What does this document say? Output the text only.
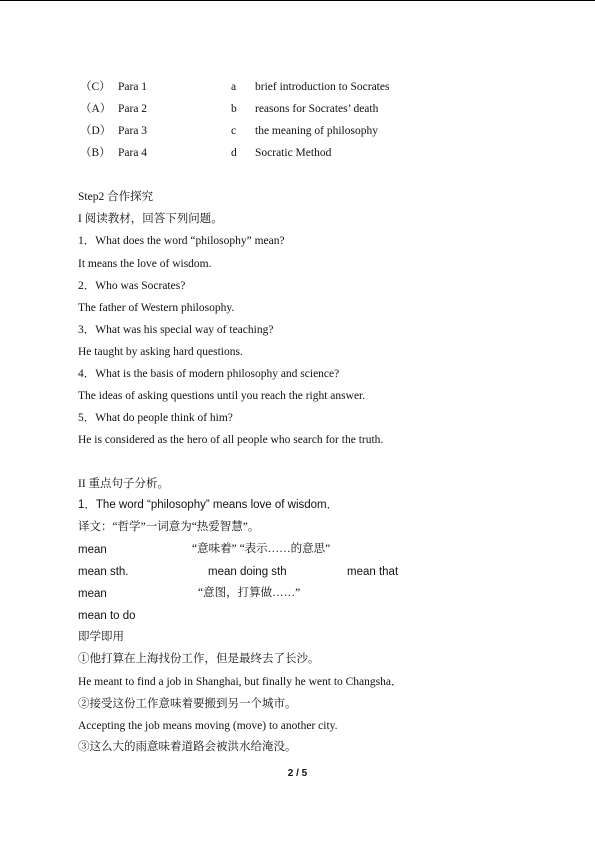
（C） Para 1	a brief introduction to Socrates
（A） Para 2	b reasons for Socrates’ death
（D） Para 3	c the meaning of philosophy
（B） Para 4	d Socratic Method
Step2 合作探究
I 阅读教材，回答下列问题。
1．What does the word “philosophy” mean?
It means the love of wisdom.
2．Who was Socrates?
The father of Western philosophy.
3．What was his special way of teaching?
He taught by asking hard questions.
4．What is the basis of modern philosophy and science?
The ideas of asking questions until you reach the right answer.
5．What do people think of him?
He is considered as the hero of all people who search for the truth.
II 重点句子分析。
1．The word “philosophy” means love of wisdom．
译文：“哲学”一词意为“热爱智慧”。
mean	“意味着” “表示……的意思”
mean sth.	mean doing sth	mean that
mean	“意图，打算做……”
mean to do
即学即用
①他打算在上海找份工作，但是最终去了长沙。
He meant to find a job in Shanghai, but finally he went to Changsha．
②接受这份工作意味着要搬到另一个城市。
Accepting the job means moving (move) to another city.
③这么大的雨意味着道路会被洪水给淹没。
2 / 5
